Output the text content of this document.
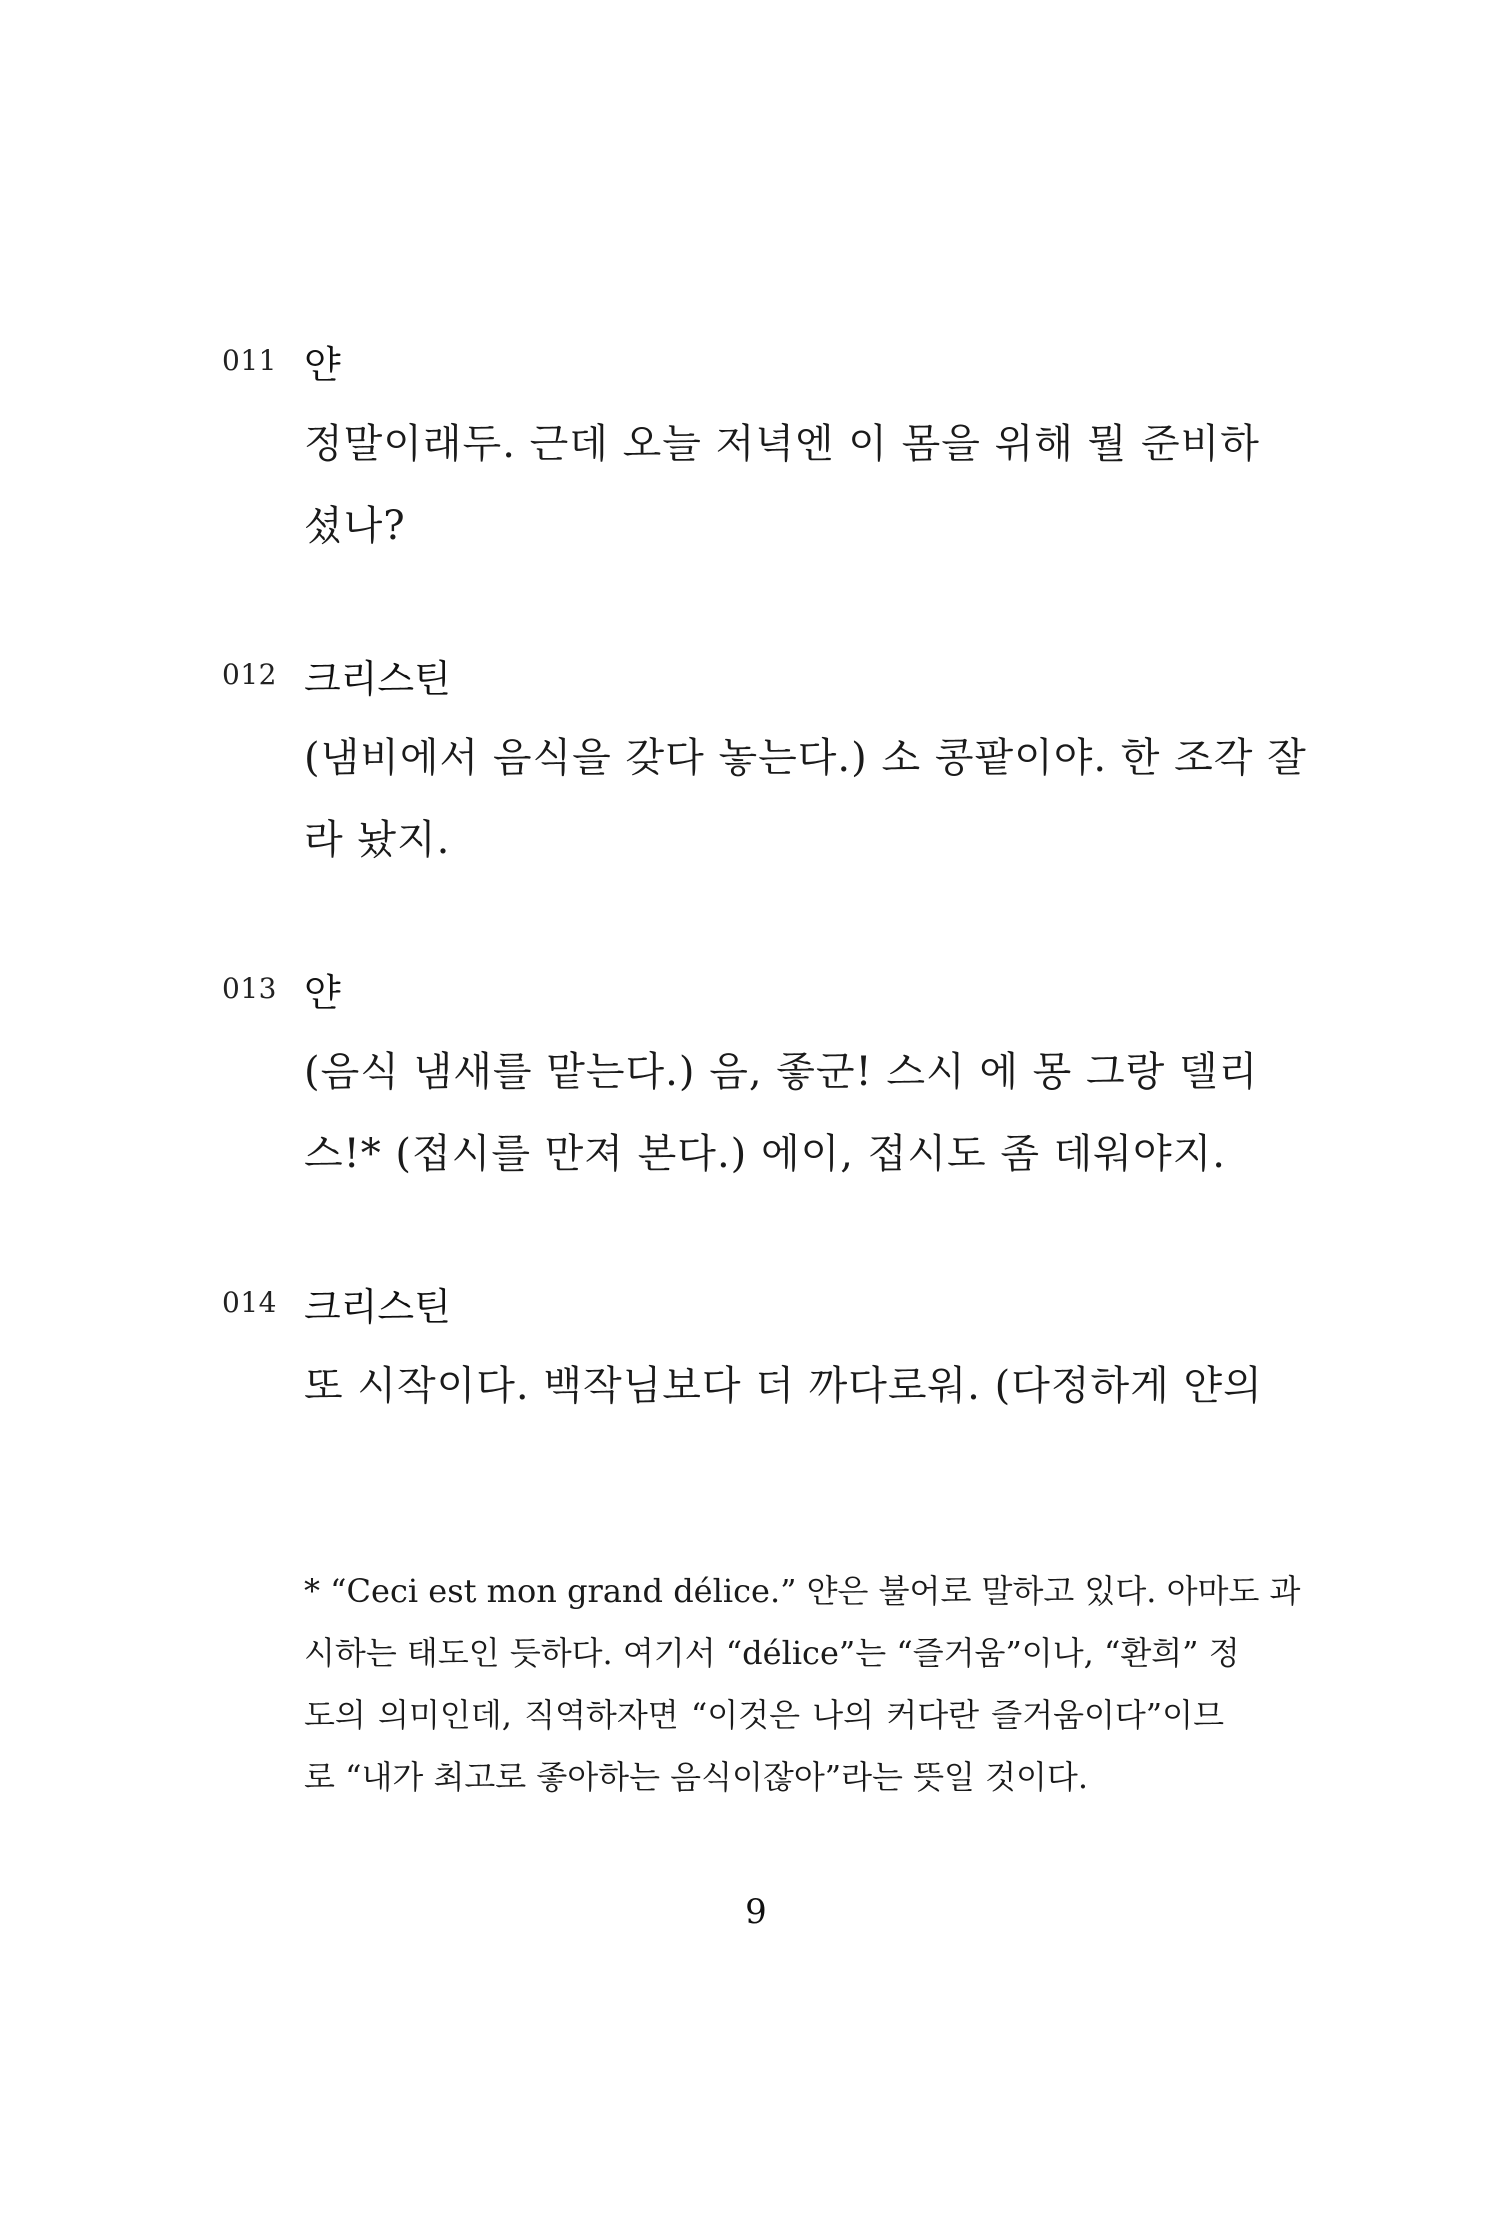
011 얀
정말이래두. 근데 오늘 저녁엔 이 몸을 위해 뭘 준비하
셨나?
012 크리스틴
(냄비에서 음식을 갖다 놓는다.) 소 콩팥이야. 한 조각 잘
라 놨지.
013 얀
(음식 냄새를 맡는다.) 음, 좋군! 스시 에 몽 그랑 델리
스!* (접시를 만져 본다.) 에이, 접시도 좀 데워야지.
014 크리스틴
또 시작이다. 백작님보다 더 까다로워. (다정하게 얀의
* “Ceci est mon grand délice.” 얀은 불어로 말하고 있다. 아마도 과
시하는 태도인 듯하다. 여기서 “délice”는 “즐거움”이나, “환희” 정
도의 의미인데, 직역하자면 “이것은 나의 커다란 즐거움이다”이므
로 “내가 최고로 좋아하는 음식이잖아”라는 뜻일 것이다.
9
